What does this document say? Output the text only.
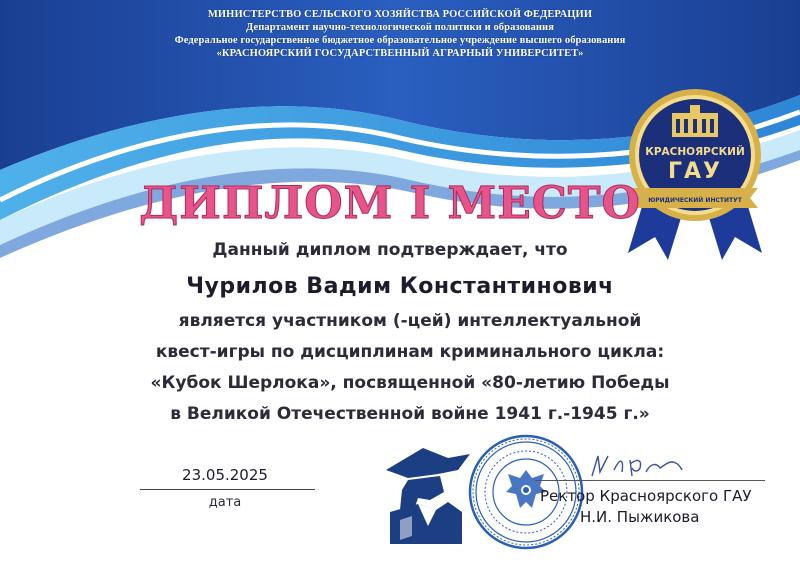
МИНИСТЕРСТВО СЕЛЬСКОГО ХОЗЯЙСТВА РОССИЙСКОЙ ФЕДЕРАЦИИ
Департамент научно-технологической политики и образования
Федеральное государственное бюджетное образовательное учреждение высшего образования
«КРАСНОЯРСКИЙ ГОСУДАРСТВЕННЫЙ АГРАРНЫЙ УНИВЕРСИТЕТ»
ЮРИДИЧЕСКИЙ ИНСТИТУТ
КРАСНОЯРСКИЙ
ГАУ
ДИПЛОМ I МЕСТО
Данный диплом подтверждает, что
Чурилов Вадим Константинович
является участником (-цей) интеллектуальной
квест-игры по дисциплинам криминального цикла:
«Кубок Шерлока», посвященной «80-летию Победы
в Великой Отечественной войне 1941 г.-1945 г.»
23.05.2025
дата	Ректор Красноярского ГАУ
Н.И. Пыжикова
